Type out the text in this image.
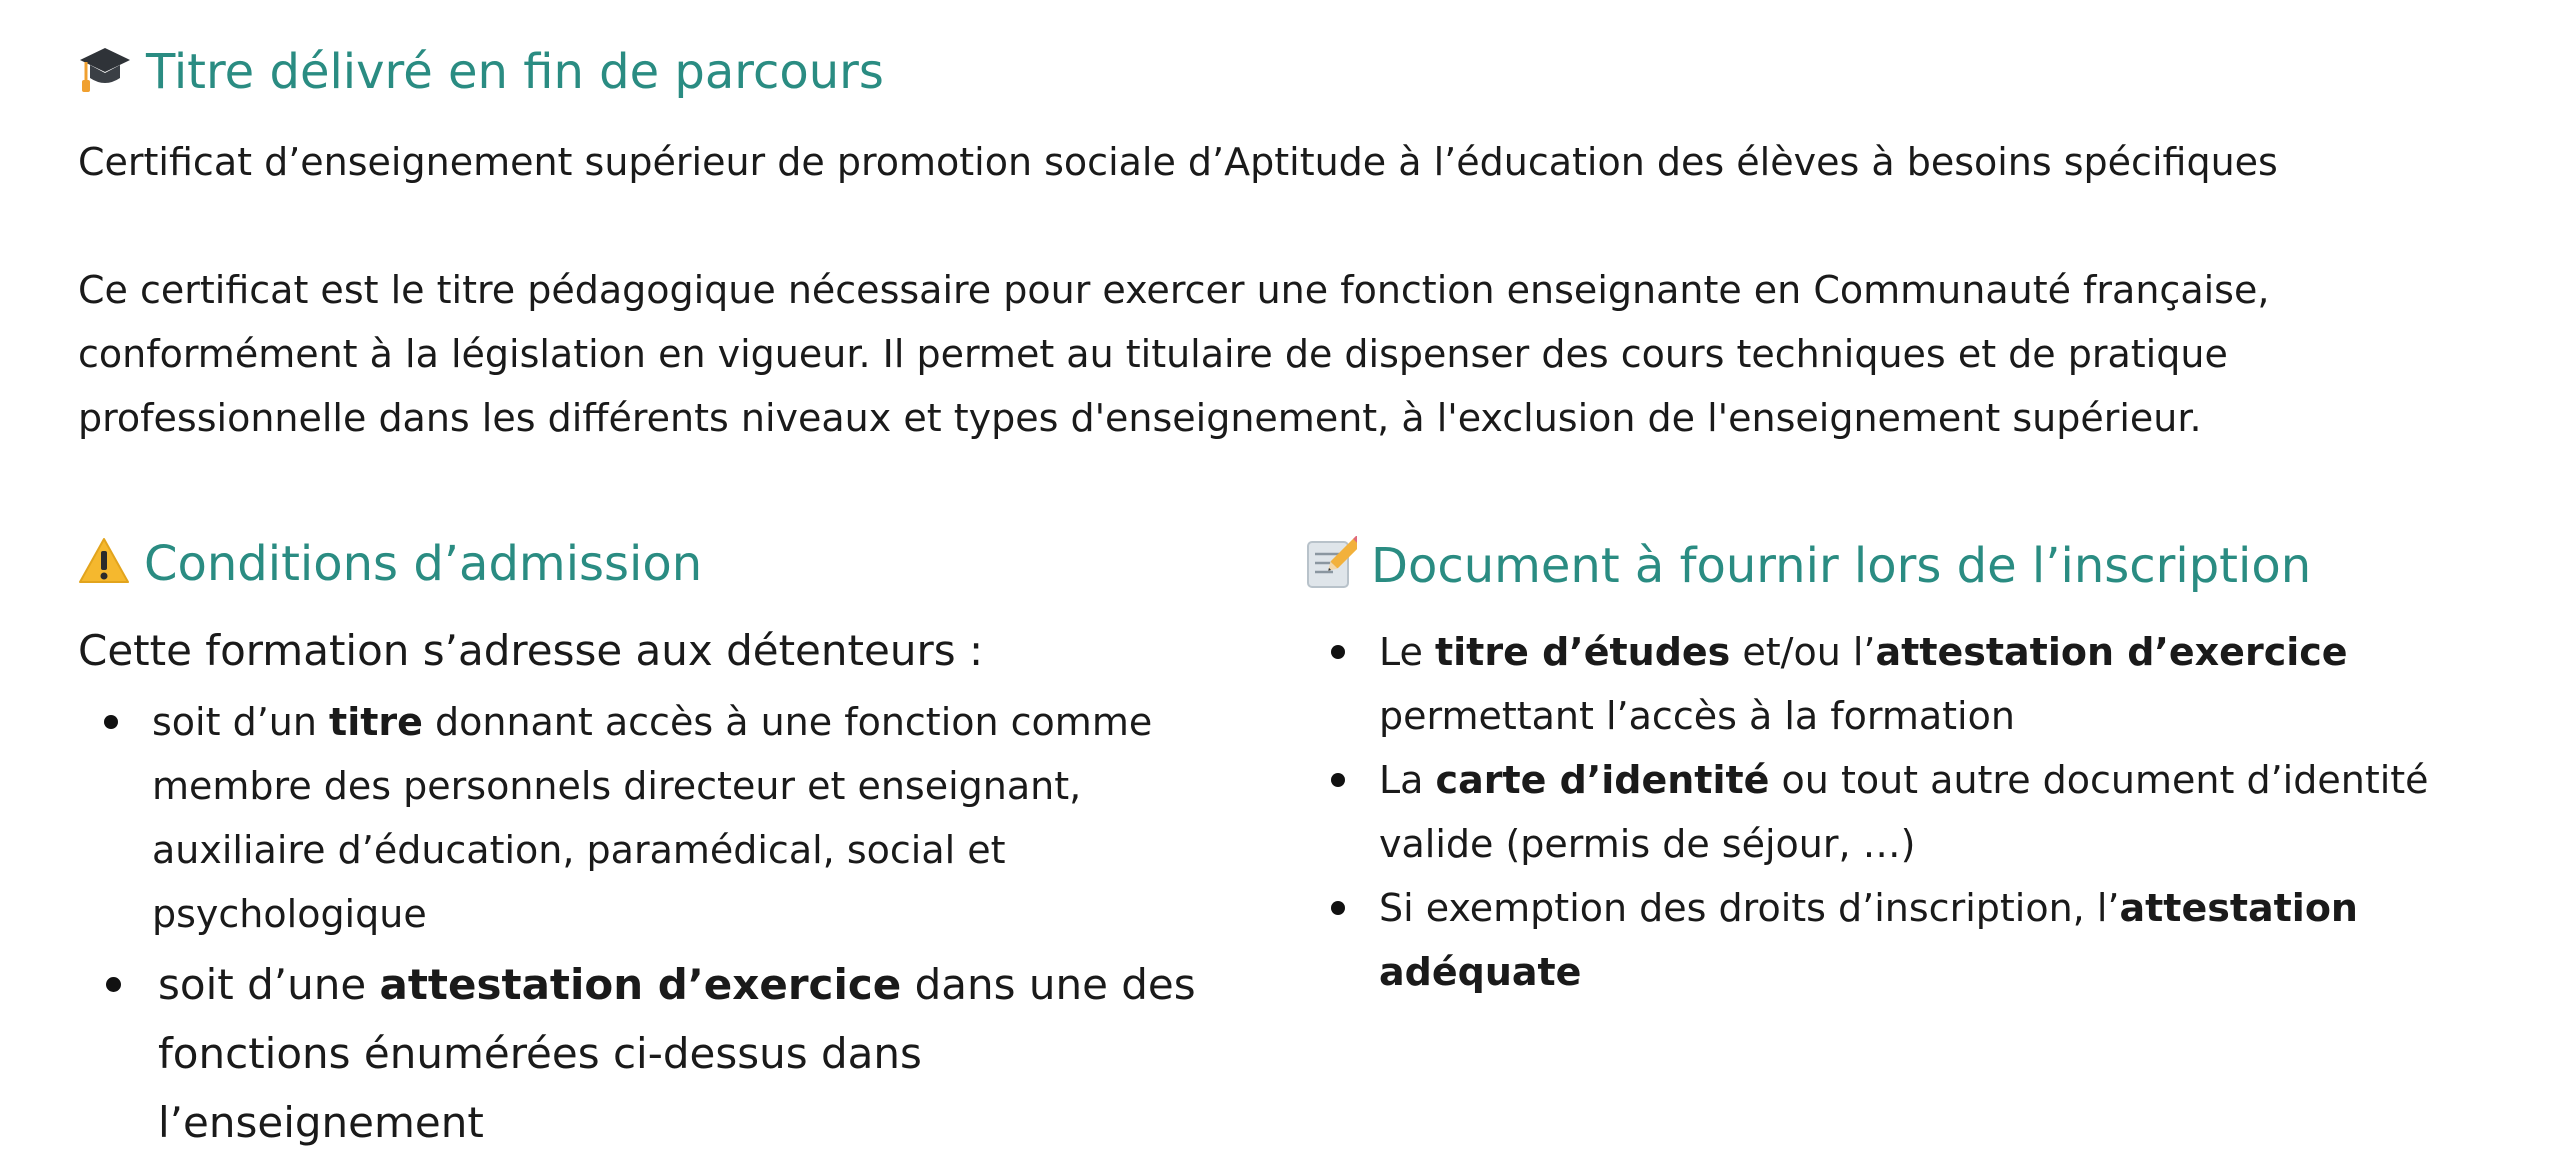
Titre délivré en fin de parcours
Certificat d’enseignement supérieur de promotion sociale d’Aptitude à l’éducation des élèves à besoins spécifiques
Ce certificat est le titre pédagogique nécessaire pour exercer une fonction enseignante en Communauté française,
conformément à la législation en vigueur. Il permet au titulaire de dispenser des cours techniques et de pratique
professionnelle dans les différents niveaux et types d'enseignement, à l'exclusion de l'enseignement supérieur.
Conditions d’admission
Cette formation s’adresse aux détenteurs :
soit d’un titre donnant accès à une fonction comme
membre des personnels directeur et enseignant,
auxiliaire d’éducation, paramédical, social et
psychologique
soit d’une attestation d’exercice dans une des
fonctions énumérées ci-dessus dans
l’enseignement
Document à fournir lors de l’inscription
Le titre d’études et/ou l’attestation d’exercice
permettant l’accès à la formation
La carte d’identité ou tout autre document d’identité
valide (permis de séjour, …)
Si exemption des droits d’inscription, l’attestation
adéquate
